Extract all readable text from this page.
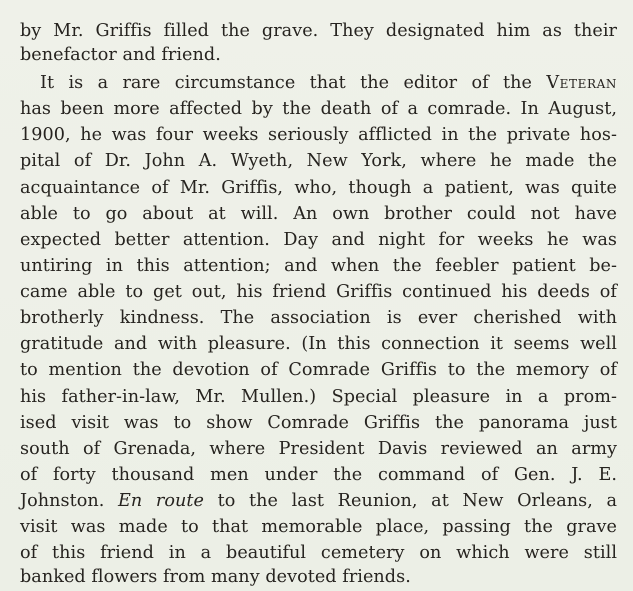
by Mr. Griffis filled the grave. They designated him as their
benefactor and friend.
It is a rare circumstance that the editor of the Veteran
has been more affected by the death of a comrade. In August,
1900, he was four weeks seriously afflicted in the private hos-
pital of Dr. John A. Wyeth, New York, where he made the
acquaintance of Mr. Griffis, who, though a patient, was quite
able to go about at will. An own brother could not have
expected better attention. Day and night for weeks he was
untiring in this attention; and when the feebler patient be-
came able to get out, his friend Griffis continued his deeds of
brotherly kindness. The association is ever cherished with
gratitude and with pleasure. (In this connection it seems well
to mention the devotion of Comrade Griffis to the memory of
his father-in-law, Mr. Mullen.) Special pleasure in a prom-
ised visit was to show Comrade Griffis the panorama just
south of Grenada, where President Davis reviewed an army
of forty thousand men under the command of Gen. J. E.
Johnston. En route to the last Reunion, at New Orleans, a
visit was made to that memorable place, passing the grave
of this friend in a beautiful cemetery on which were still
banked flowers from many devoted friends.
